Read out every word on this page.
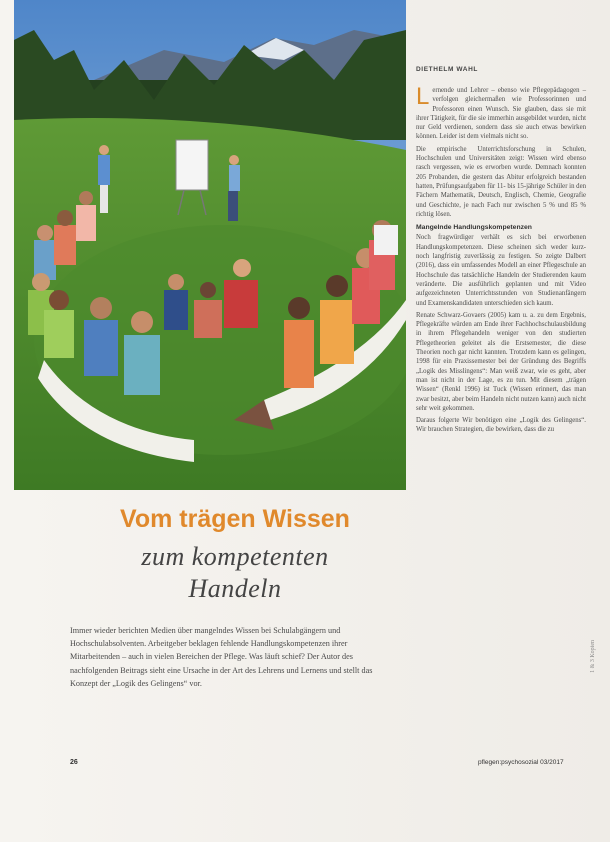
DIETHELM WAHL

Lernende und Lehrer – ebenso wie Pflegepädagogen – verfolgen gleichermaßen wie Professorinnen und Professoren einen Wunsch. Sie glauben, dass sie mit ihrer Tätigkeit, für die sie immerhin ausgebildet wurden, nicht nur Geld verdienen, sondern dass sie auch etwas bewirken können. Leider ist dem vielmals nicht so.

Die empirische Unterrichtsforschung in Schulen, Hochschulen und Universitäten zeigt: Wissen wird ebenso rasch vergessen, wie es erworben wurde. Demnach konnten 205 Probanden, die gestern das Abitur erfolgreich bestanden hatten, Prüfungsaufgaben für 11- bis 15-jährige Schüler in den Fächern Mathematik, Deutsch, Englisch, Chemie, Geografie und Geschichte, je nach Fach nur zwischen 5 % und 85 % richtig lösen.

Mangelnde Handlungskompetenzen

Noch fragwürdiger verhält es sich bei erworbenen Handlungskompetenzen. Diese scheinen sich weder kurz- noch langfristig zuverlässig zu festigen. So zeigte Dalbert (2016), dass ein umfassendes Modell an einer Pflegeschule an Hochschule das tatsächliche Handeln der Studierenden kaum veränderte. Die ausführlich geplanten und mit Video aufgezeichneten Unterrichtsstunden von Studienanfängern und Examenskandidaten unterschieden sich kaum.

Renate Schwarz-Govaers (2005) kam u. a. zu dem Ergebnis, Pflegekräfte würden am Ende ihrer Fachhochschulausbildung in ihrem Pflegehandeln weniger von den studierten Pflegetheorien geleitet als die Erstsemester, die diese Theorien noch gar nicht kannten. Trotzdem kann es gelingen, 1998 für ein Praxissemester bei der Gründung des Begriffs „Logik des Misslingens“: Man weiß zwar, wie es geht, aber man ist nicht in der Lage, es zu tun. Mit diesem „trägen Wissen“ (Renkl 1996) ist Tuck (Wissen erinnert, das man zwar besitzt, aber beim Handeln nicht nutzen kann) auch nicht sehr weit gekommen.

Daraus folgerte Wir benötigen eine „Logik des Gelingens“. Wir brauchen Strategien, die bewirken, dass die zu

Vom trägen Wissen
zum kompetenten
Handeln
Immer wieder berichten Medien über mangelndes Wissen bei Schulabgängern und Hochschulabsolventen. Arbeitgeber beklagen fehlende Handlungskompetenzen ihrer Mitarbeitenden – auch in vielen Bereichen der Pflege. Was läuft schief? Der Autor des nachfolgenden Beitrags sieht eine Ursache in der Art des Lehrens und Lernens und stellt das Konzept der „Logik des Gelingens“ vor.
26	pflegen:psychosozial 03/2017
1 & 3 Kopien
